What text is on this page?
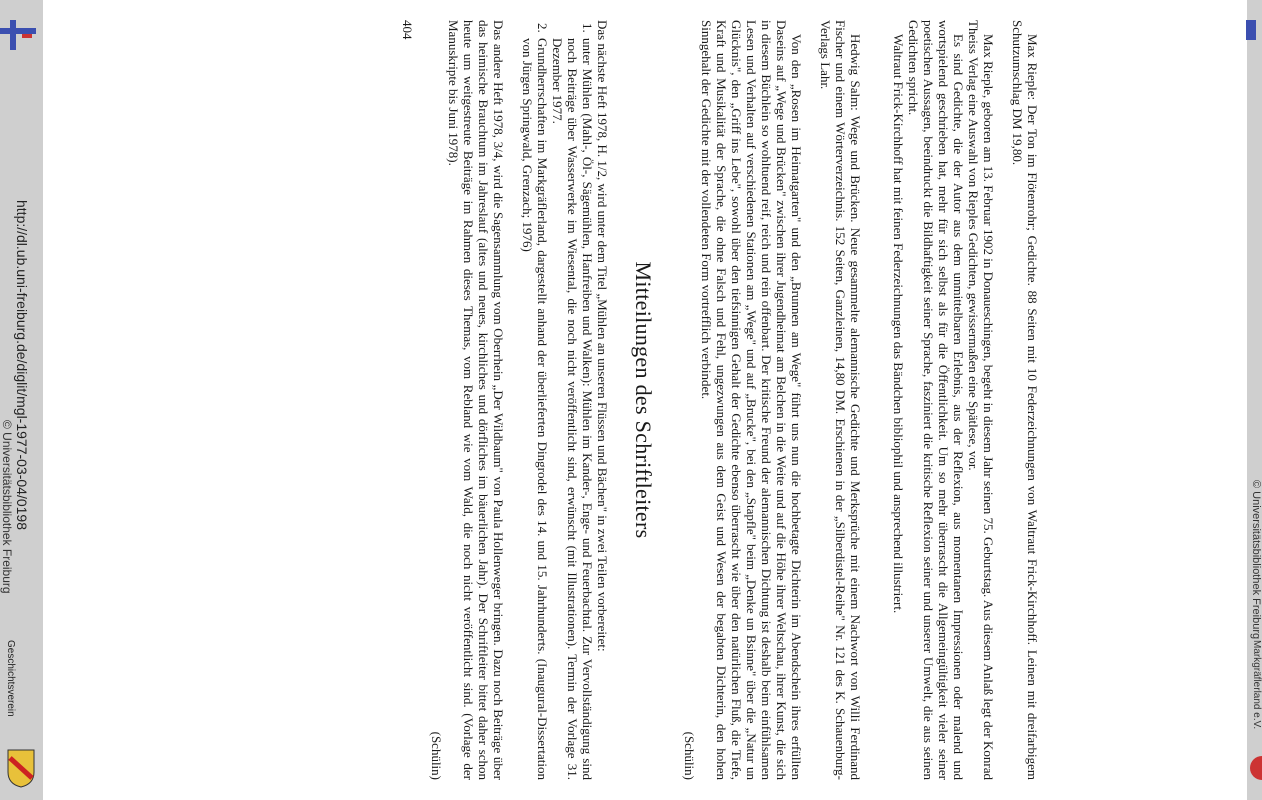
http://dl.ub.uni-freiburg.de/diglit/mgl-1977-03-04/0198
© Universitätsbibliothek Freiburg
Geschichtsverein
© Universitätsbibliothek Freiburg
Markgräflerland e.V.

Max Rieple: Der Ton im Flötenrohr; Gedichte. 88 Seiten mit 10 Federzeichnungen von Waltraut Frick-Kirchhoff. Leinen mit dreifarbigem Schutzumschlag DM 19,80.

Max Rieple, geboren am 13. Februar 1902 in Donaueschingen, begeht in diesem Jahr seinen 75. Geburtstag. Aus diesem Anlaß legt der Konrad Theiss Verlag eine Auswahl von Rieples Gedichten, gewissermaßen eine Spätlese, vor.

Es sind Gedichte, die der Autor aus dem unmittelbaren Erlebnis, aus der Reflexion, aus momentanen Impressionen oder malend und wortspielend geschrieben hat, mehr für sich selbst als für die Öffentlichkeit. Um so mehr überrascht die Allgemeingültigkeit vieler seiner poetischen Aussagen, beeindruckt die Bildhaftigkeit seiner Sprache, fasziniert die kritische Reflexion seiner und unserer Umwelt, die aus seinen Gedichten spricht.

Waltraut Frick-Kirchhoff hat mit feinen Federzeichnungen das Bändchen bibliophil und ansprechend illustriert.

Hedwig Salm: Wege und Brücken. Neue gesammelte alemannische Gedichte und Merksprüche mit einem Nachwort von Willi Ferdinand Fischer und einem Wörterverzeichnis. 152 Seiten, Ganzleinen, 14,80 DM. Erschienen in der „Silberdistel-Reihe" Nr. 121 des K. Schauenburg-Verlags Lahr.

Von den „Rosen im Heimatgarten" und den „Brunnen am Wege" führt uns nun die hochbetagte Dichterin im Abendschein ihres erfüllten Daseins auf „Wege und Brücken" zwischen ihrer Jugendheimat am Belchen in die Weite und auf die Höhe ihrer Weltschau, ihrer Kunst, die sich in diesem Büchlein so wohltuend reif, reich und rein offenbart. Der kritische Freund der alemannischen Dichtung ist deshalb beim einfühlsamen Lesen und Verhalten auf verschiedenen Stationen am „Wege" und auf „Brucke", bei den „Stapfle" beim „Denke un Bsinne" über die „Natur un Glücknis", den „Griff ins Lebe", sowohl über den tiefsinnigen Gehalt der Gedichte ebenso überrascht wie über den natürlichen Fluß, die Tiefe, Kraft und Musikalität der Sprache, die ohne Falsch und Fehl, ungezwungen aus dem Geist und Wesen der begabten Dichterin, den hohen Sinngehalt der Gedichte mit der vollendeten Form vortrefflich verbindet.

(Schülin)

Mitteilungen des Schriftleiters

Das nächste Heft 1978, H. 1/2, wird unter dem Titel „Mühlen an unseren Flüssen und Bächen" in zwei Teilen vorbereitet:

1. unter Mühlen (Mahl-, Öl-, Sägemühlen, Hanfreiben und Walken): Mühlen im Kander-, Enge- und Feuerbachtal. Zur Vervollständigung sind noch Beiträge über Wasserwerke im Wiesental, die noch nicht veröffentlicht sind, erwünscht (mit Illustrationen). Termin der Vorlage 31. Dezember 1977.
2. Grundherrschaften im Markgräflerland, dargestellt anhand der überlieferten Dingrodel des 14. und 15. Jahrhunderts. (Inaugural-Dissertation von Jürgen Springwald, Grenzach; 1976)

Das andere Heft 1978, 3/4, wird die Sagensammlung vom Oberrhein „Der Wildbaum" von Paula Hollenweger bringen. Dazu noch Beiträge über das heimische Brauchtum im Jahreslauf (altes und neues, kirchliches und dörfliches im bäuerlichen Jahr). Der Schriftleiter bittet daher schon heute um weitgestreute Beiträge im Rahmen dieses Themas, vom Rebland wie vom Wald, die noch nicht veröffentlicht sind. (Vorlage der Manuskripte bis Juni 1978).

(Schülin)

404
